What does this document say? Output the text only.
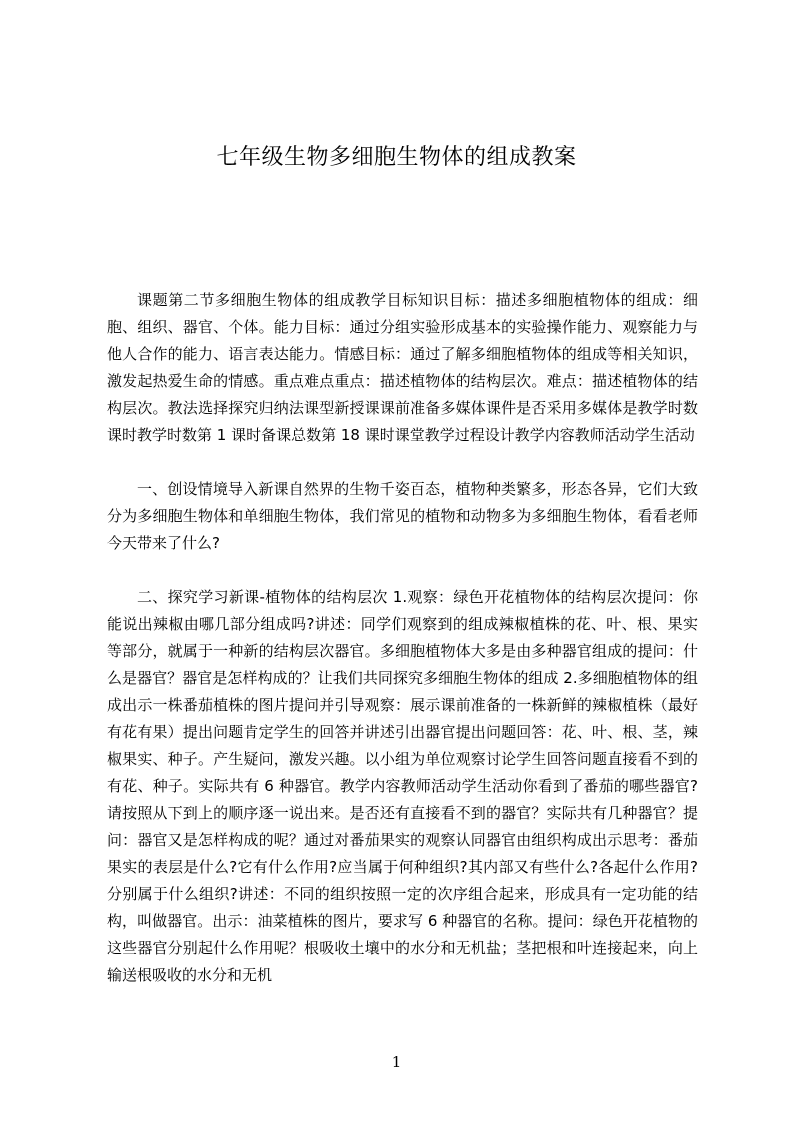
七年级生物多细胞生物体的组成教案

课题第二节多细胞生物体的组成教学目标知识目标：描述多细胞植物体的组成：细胞、组织、器官、个体。能力目标：通过分组实验形成基本的实验操作能力、观察能力与他人合作的能力、语言表达能力。情感目标：通过了解多细胞植物体的组成等相关知识，激发起热爱生命的情感。重点难点重点：描述植物体的结构层次。难点：描述植物体的结构层次。教法选择探究归纳法课型新授课课前准备多媒体课件是否采用多媒体是教学时数课时教学时数第 1 课时备课总数第 18 课时课堂教学过程设计教学内容教师活动学生活动

一、创设情境导入新课自然界的生物千姿百态，植物种类繁多，形态各异，它们大致分为多细胞生物体和单细胞生物体，我们常见的植物和动物多为多细胞生物体，看看老师今天带来了什么?

二、探究学习新课-植物体的结构层次 1.观察：绿色开花植物体的结构层次提问：你能说出辣椒由哪几部分组成吗?讲述：同学们观察到的组成辣椒植株的花、叶、根、果实等部分，就属于一种新的结构层次器官。多细胞植物体大多是由多种器官组成的提问：什么是器官？器官是怎样构成的？让我们共同探究多细胞生物体的组成 2.多细胞植物体的组成出示一株番茄植株的图片提问并引导观察：展示课前准备的一株新鲜的辣椒植株（最好有花有果）提出问题肯定学生的回答并讲述引出器官提出问题回答：花、叶、根、茎，辣椒果实、种子。产生疑问，激发兴趣。以小组为单位观察讨论学生回答问题直接看不到的有花、种子。实际共有 6 种器官。教学内容教师活动学生活动你看到了番茄的哪些器官?请按照从下到上的顺序逐一说出来。是否还有直接看不到的器官？实际共有几种器官？提问：器官又是怎样构成的呢？通过对番茄果实的观察认同器官由组织构成出示思考：番茄果实的表层是什么?它有什么作用?应当属于何种组织?其内部又有些什么?各起什么作用?分别属于什么组织?讲述：不同的组织按照一定的次序组合起来，形成具有一定功能的结构，叫做器官。出示：油菜植株的图片，要求写 6 种器官的名称。提问：绿色开花植物的这些器官分别起什么作用呢？根吸收土壤中的水分和无机盐；茎把根和叶连接起来，向上输送根吸收的水分和无机

1
